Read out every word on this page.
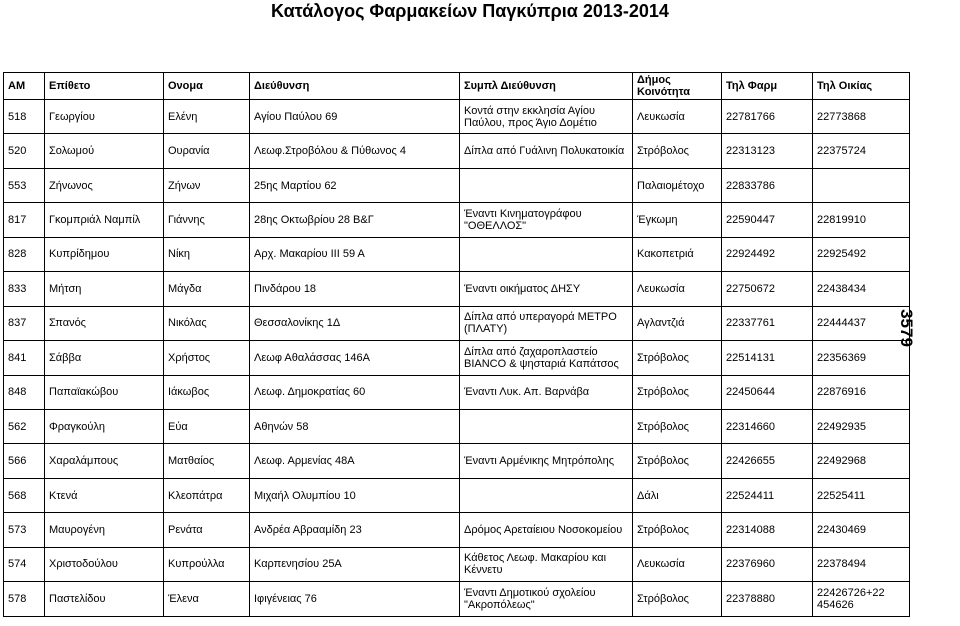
Κατάλογος Φαρμακείων Παγκύπρια 2013-2014
3579
ΑΜ	Επίθετο	Ονομα	Διεύθυνση	Συμπλ Διεύθυνση	Δήμος Κοινότητα	Τηλ Φαρμ	Τηλ Οικίας
518	Γεωργίου	Ελένη	Αγίου Παύλου 69	Κοντά στην εκκλησία Αγίου Παύλου, προς Άγιο Δομέτιο	Λευκωσία	22781766	22773868
520	Σολωμού	Ουρανία	Λεωφ.Στροβόλου & Πύθωνος 4	Δίπλα από Γυάλινη Πολυκατοικία	Στρόβολος	22313123	22375724
553	Ζήνωνος	Ζήνων	25ης Μαρτίου 62		Παλαιομέτοχο	22833786	
817	Γκομπριάλ Ναμπίλ	Γιάννης	28ης Οκτωβρίου 28 Β&Γ	Έναντι Κινηματογράφου "ΟΘΕΛΛΟΣ"	Έγκωμη	22590447	22819910
828	Κυπρίδημου	Νίκη	Αρχ. Μακαρίου ΙΙΙ 59 Α		Κακοπετριά	22924492	22925492
833	Μήτση	Μάγδα	Πινδάρου 18	Έναντι οικήματος ΔΗΣΥ	Λευκωσία	22750672	22438434
837	Σπανός	Νικόλας	Θεσσαλονίκης 1Δ	Δίπλα από υπεραγορά ΜΕΤΡΟ (ΠΛΑΤΥ)	Αγλαντζιά	22337761	22444437
841	Σάββα	Χρήστος	Λεωφ Αθαλάσσας 146Α	Δίπλα από ζαχαροπλαστείο BIANCO & ψησταριά Καπάτσος	Στρόβολος	22514131	22356369
848	Παπαϊακώβου	Ιάκωβος	Λεωφ. Δημοκρατίας 60	Έναντι Λυκ. Απ. Βαρνάβα	Στρόβολος	22450644	22876916
562	Φραγκούλη	Εύα	Αθηνών 58		Στρόβολος	22314660	22492935
566	Χαραλάμπους	Ματθαίος	Λεωφ. Αρμενίας 48Α	Έναντι Αρμένικης Μητρόπολης	Στρόβολος	22426655	22492968
568	Κτενά	Κλεοπάτρα	Μιχαήλ Ολυμπίου 10		Δάλι	22524411	22525411
573	Μαυρογένη	Ρενάτα	Ανδρέα Αβρααμίδη 23	Δρόμος Αρεταίειου Νοσοκομείου	Στρόβολος	22314088	22430469
574	Χριστοδούλου	Κυπρούλλα	Καρπενησίου 25Α	Κάθετος Λεωφ. Μακαρίου και Κέννετυ	Λευκωσία	22376960	22378494
578	Παστελίδου	Έλενα	Ιφιγένειας 76	Έναντι Δημοτικού σχολείου "Ακροπόλεως"	Στρόβολος	22378880	22426726+22 454626
